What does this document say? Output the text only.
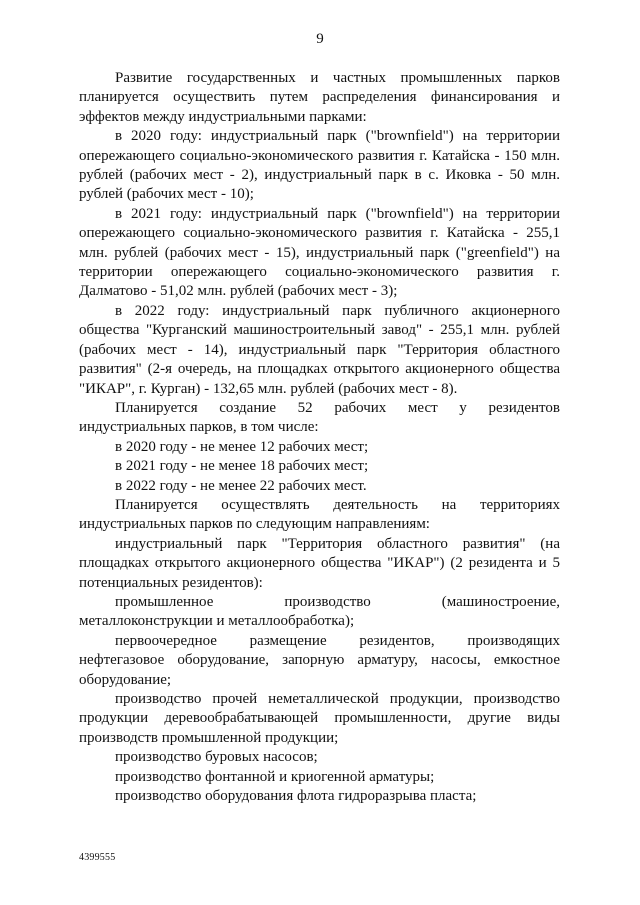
9

Развитие государственных и частных промышленных парков планируется осуществить путем распределения финансирования и эффектов между индустриальными парками:

в 2020 году: индустриальный парк ("brownfield") на территории опережающего социально-экономического развития г. Катайска - 150 млн. рублей (рабочих мест - 2), индустриальный парк в с. Иковка - 50 млн. рублей (рабочих мест - 10);

в 2021 году: индустриальный парк ("brownfield") на территории опережающего социально-экономического развития г. Катайска - 255,1 млн. рублей (рабочих мест - 15), индустриальный парк ("greenfield") на территории опережающего социально-экономического развития г. Далматово - 51,02 млн. рублей (рабочих мест - 3);

в 2022 году: индустриальный парк публичного акционерного общества "Курганский машиностроительный завод" - 255,1 млн. рублей (рабочих мест - 14), индустриальный парк "Территория областного развития" (2-я очередь, на площадках открытого акционерного общества "ИКАР", г. Курган) - 132,65 млн. рублей (рабочих мест - 8).

Планируется создание 52 рабочих мест у резидентов индустриальных парков, в том числе:

в 2020 году - не менее 12 рабочих мест;

в 2021 году - не менее 18 рабочих мест;

в 2022 году - не менее 22 рабочих мест.

Планируется осуществлять деятельность на территориях индустриальных парков по следующим направлениям:

индустриальный парк "Территория областного развития" (на площадках открытого акционерного общества "ИКАР") (2 резидента и 5 потенциальных резидентов):

промышленное производство (машиностроение, металлоконструкции и металлообработка);

первоочередное размещение резидентов, производящих нефтегазовое оборудование, запорную арматуру, насосы, емкостное оборудование;

производство прочей неметаллической продукции, производство продукции деревообрабатывающей промышленности, другие виды производств промышленной продукции;

производство буровых насосов;

производство фонтанной и криогенной арматуры;

производство оборудования флота гидроразрыва пласта;

4399555
